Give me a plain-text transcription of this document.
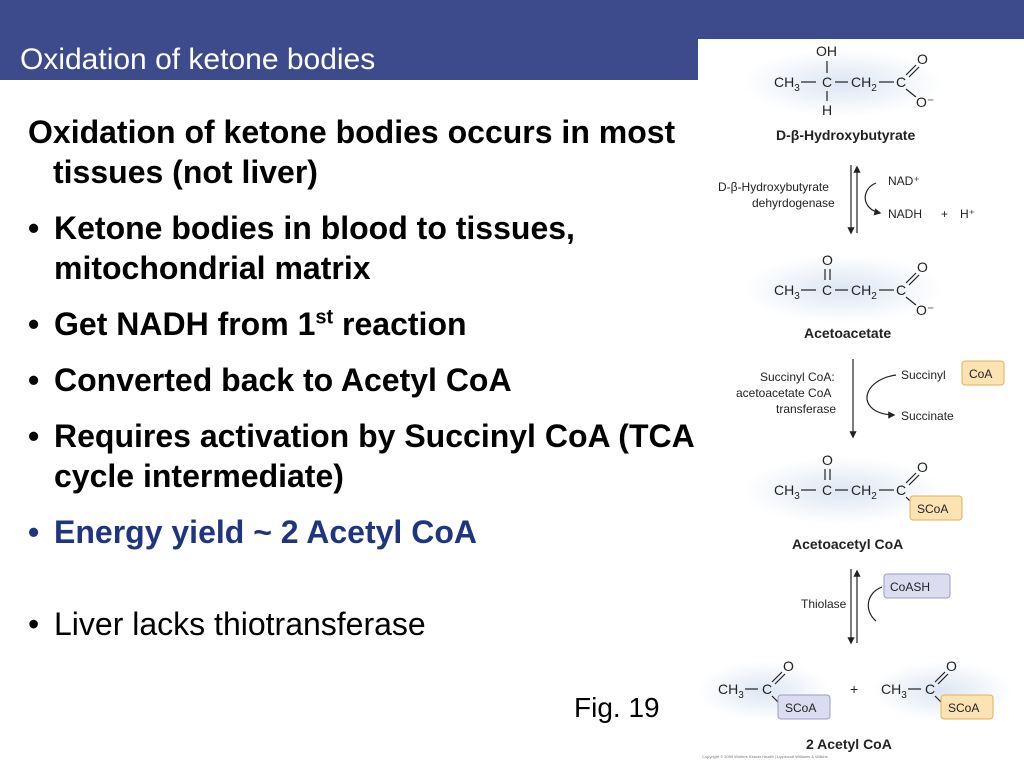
Oxidation of ketone bodies

Oxidation of ketone bodies occurs in most tissues (not liver)

• Ketone bodies in blood to tissues, mitochondrial matrix

• Get NADH from 1st reaction

• Converted back to Acetyl CoA

• Requires activation by Succinyl CoA (TCA cycle intermediate)

• Energy yield ~ 2 Acetyl CoA

• Liver lacks thiotransferase

Fig. 19
OH
$CH_3$ C $CH_2$ C
H
O
O⁻
D-β-Hydroxybutyrate
D-β-Hydroxybutyrate
dehyrdogenase
NAD⁺
NADH + H⁺
O
$CH_3$ C $CH_2$ C
O
O⁻
Acetoacetate
Succinyl CoA:
acetoacetate CoA
transferase
Succinyl CoA
Succinate
O
$CH_3$ C $CH_2$ C
O
SCoA
Acetoacetyl CoA
Thiolase
CoASH
$CH_3$ C
O
SCoA
+ $CH_3$ C
O
SCoA
2 Acetyl CoA
Copyright © 2009 Wolters Kluwer Health | Lippincott Williams & Wilkins
